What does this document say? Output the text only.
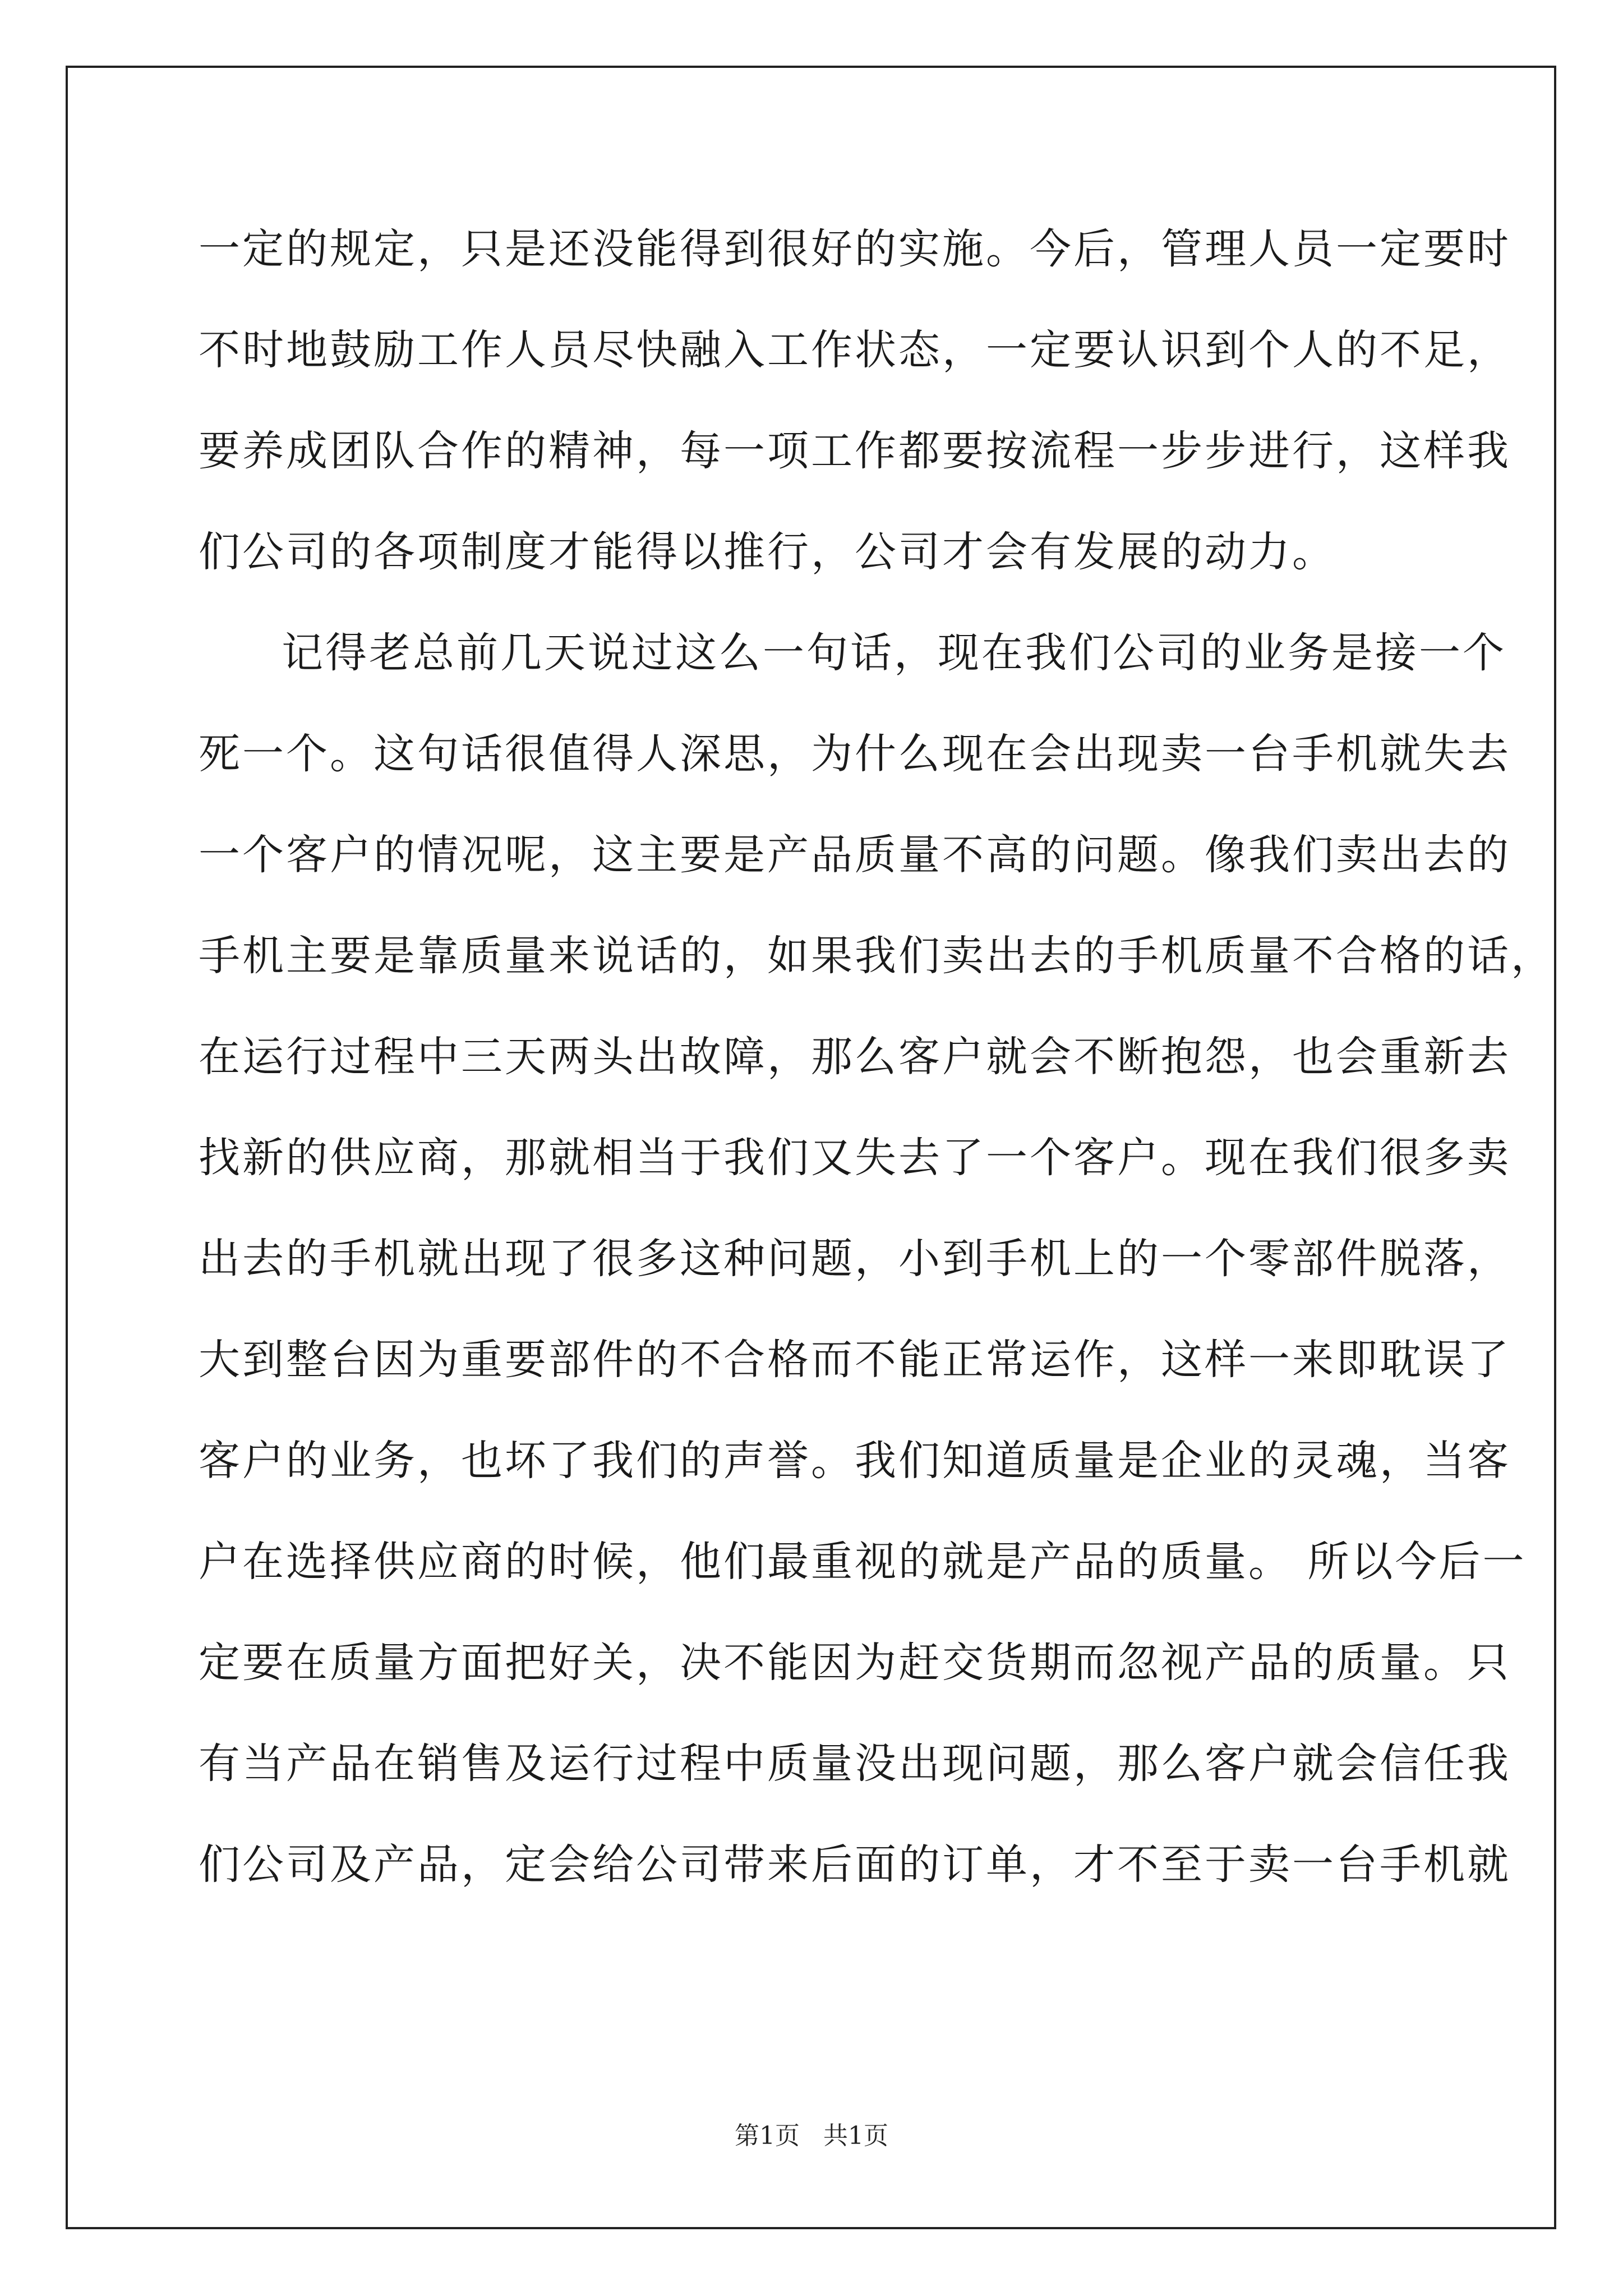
一定的规定，只是还没能得到很好的实施。今后，管理人员一定要时
不时地鼓励工作人员尽快融入工作状态，一定要认识到个人的不足，
要养成团队合作的精神，每一项工作都要按流程一步步进行，这样我
们公司的各项制度才能得以推行，公司才会有发展的动力。
记得老总前几天说过这么一句话，现在我们公司的业务是接一个
死一个。这句话很值得人深思，为什么现在会出现卖一台手机就失去
一个客户的情况呢，这主要是产品质量不高的问题。像我们卖出去的
手机主要是靠质量来说话的，如果我们卖出去的手机质量不合格的话，
在运行过程中三天两头出故障，那么客户就会不断抱怨，也会重新去
找新的供应商，那就相当于我们又失去了一个客户。现在我们很多卖
出去的手机就出现了很多这种问题，小到手机上的一个零部件脱落，
大到整台因为重要部件的不合格而不能正常运作，这样一来即耽误了
客户的业务，也坏了我们的声誉。我们知道质量是企业的灵魂，当客
户在选择供应商的时候，他们最重视的就是产品的质量。 所以今后一
定要在质量方面把好关，决不能因为赶交货期而忽视产品的质量。只
有当产品在销售及运行过程中质量没出现问题，那么客户就会信任我
们公司及产品，定会给公司带来后面的订单，才不至于卖一台手机就
第1页   共1页
